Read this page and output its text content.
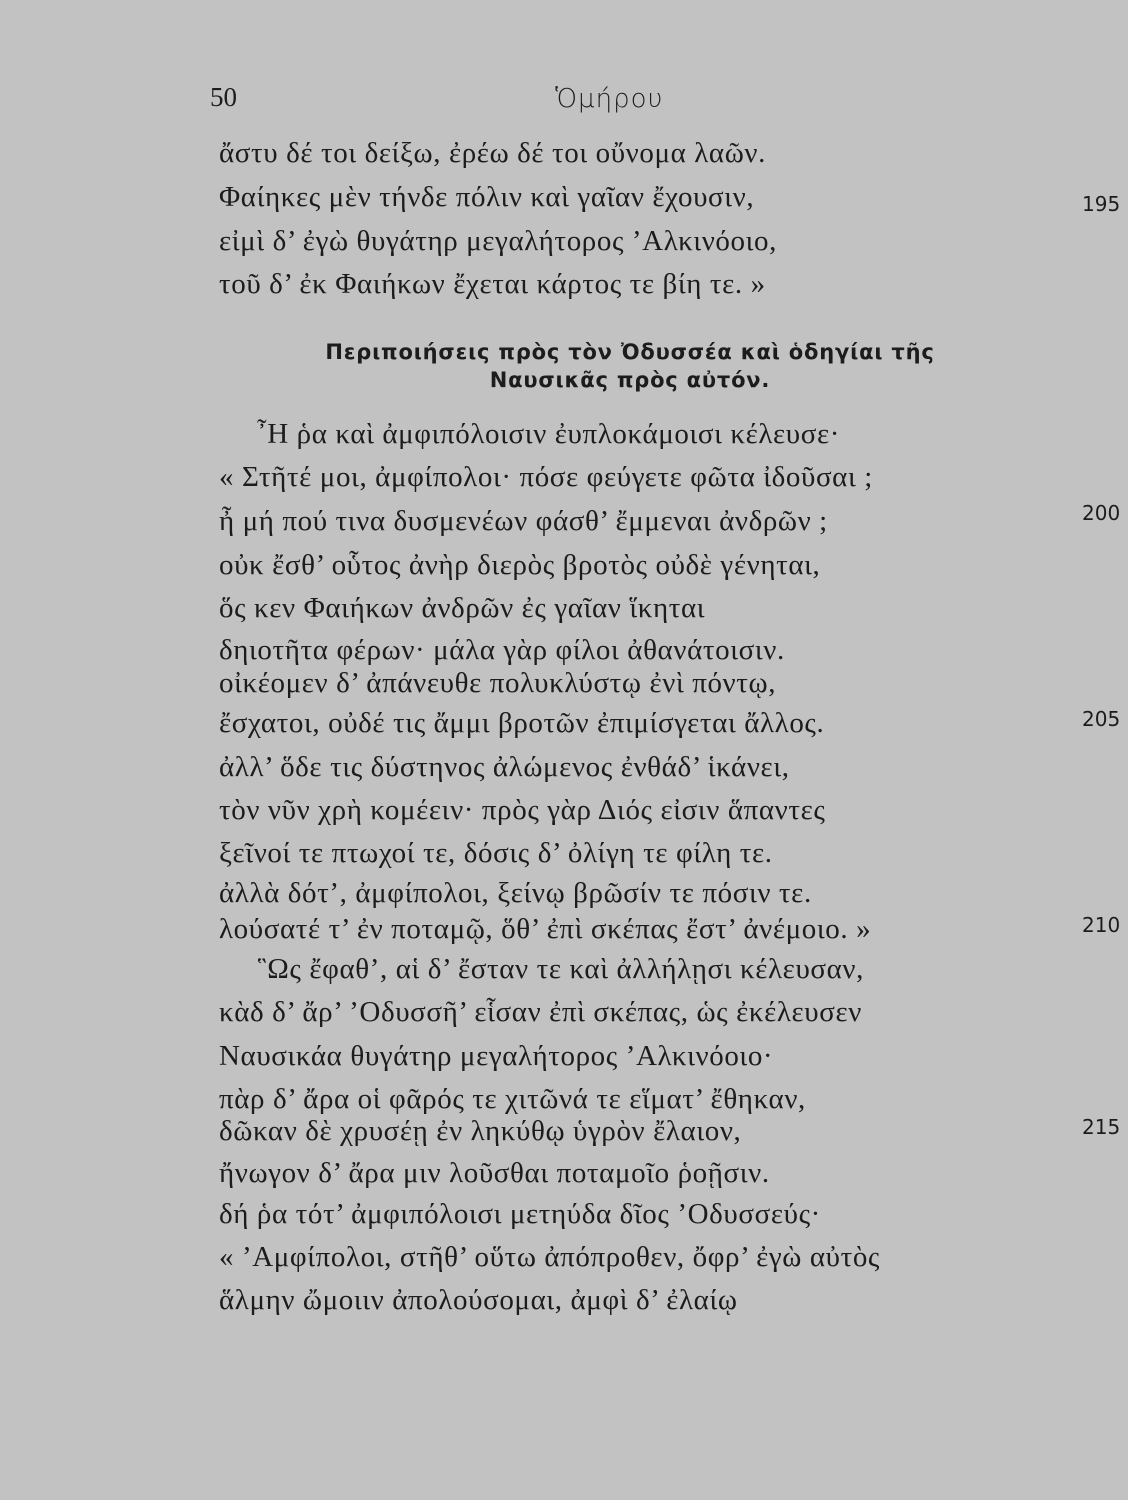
50	Ὁμήρου
ἄστυ δέ τοι δείξω, ἐρέω δέ τοι οὔνομα λαῶν.
Φαίηκες μὲν τήνδε πόλιν καὶ γαῖαν ἔχουσιν,
εἰμὶ δ’ ἐγὼ θυγάτηρ μεγαλήτορος ’Αλκινόοιο,
τοῦ δ’ ἐκ Φαιήκων ἔχεται κάρτος τε βίη τε. »
Περιποιήσεις πρὸς τὸν Ὀδυσσέα καὶ ὁδηγίαι τῆς
Ναυσικᾶς πρὸς αὐτόν.
῏Η ῥα καὶ ἀμφιπόλοισιν ἐυπλοκάμοισι κέλευσε·
« Στῆτέ μοι, ἀμφίπολοι· πόσε φεύγετε φῶτα ἰδοῦσαι ;
ἦ μή πού τινα δυσμενέων φάσθ’ ἔμμεναι ἀνδρῶν ;
οὐκ ἔσθ’ οὗτος ἀνὴρ διερὸς βροτὸς οὐδὲ γένηται,
ὅς κεν Φαιήκων ἀνδρῶν ἐς γαῖαν ἵκηται
δηιοτῆτα φέρων· μάλα γὰρ φίλοι ἀθανάτοισιν.
οἰκέομεν δ’ ἀπάνευθε πολυκλύστῳ ἐνὶ πόντῳ,
ἔσχατοι, οὐδέ τις ἄμμι βροτῶν ἐπιμίσγεται ἄλλος.
ἀλλ’ ὅδε τις δύστηνος ἀλώμενος ἐνθάδ’ ἱκάνει,
τὸν νῦν χρὴ κομέειν· πρὸς γὰρ Διός εἰσιν ἅπαντες
ξεῖνοί τε πτωχοί τε, δόσις δ’ ὀλίγη τε φίλη τε.
ἀλλὰ δότ’, ἀμφίπολοι, ξείνῳ βρῶσίν τε πόσιν τε.
λούσατέ τ’ ἐν ποταμῷ, ὅθ’ ἐπὶ σκέπας ἔστ’ ἀνέμοιο. »
῝Ως ἔφαθ’, αἱ δ’ ἔσταν τε καὶ ἀλλήλῃσι κέλευσαν,
κὰδ δ’ ἄρ’ ’Οδυσσῆ’ εἷσαν ἐπὶ σκέπας, ὡς ἐκέλευσεν
Ναυσικάα θυγάτηρ μεγαλήτορος ’Αλκινόοιο·
πὰρ δ’ ἄρα οἱ φᾶρός τε χιτῶνά τε εἵματ’ ἔθηκαν,
δῶκαν δὲ χρυσέῃ ἐν ληκύθῳ ὑγρὸν ἔλαιον,
ἤνωγον δ’ ἄρα μιν λοῦσθαι ποταμοῖο ῥοῇσιν.
δή ῥα τότ’ ἀμφιπόλοισι μετηύδα δῖος ’Οδυσσεύς·
« ’Αμφίπολοι, στῆθ’ οὕτω ἀπόπροθεν, ὄφρ’ ἐγὼ αὐτὸς
ἅλμην ὤμοιιν ἀπολούσομαι, ἀμφὶ δ’ ἐλαίῳ
195
200
205
210
215
